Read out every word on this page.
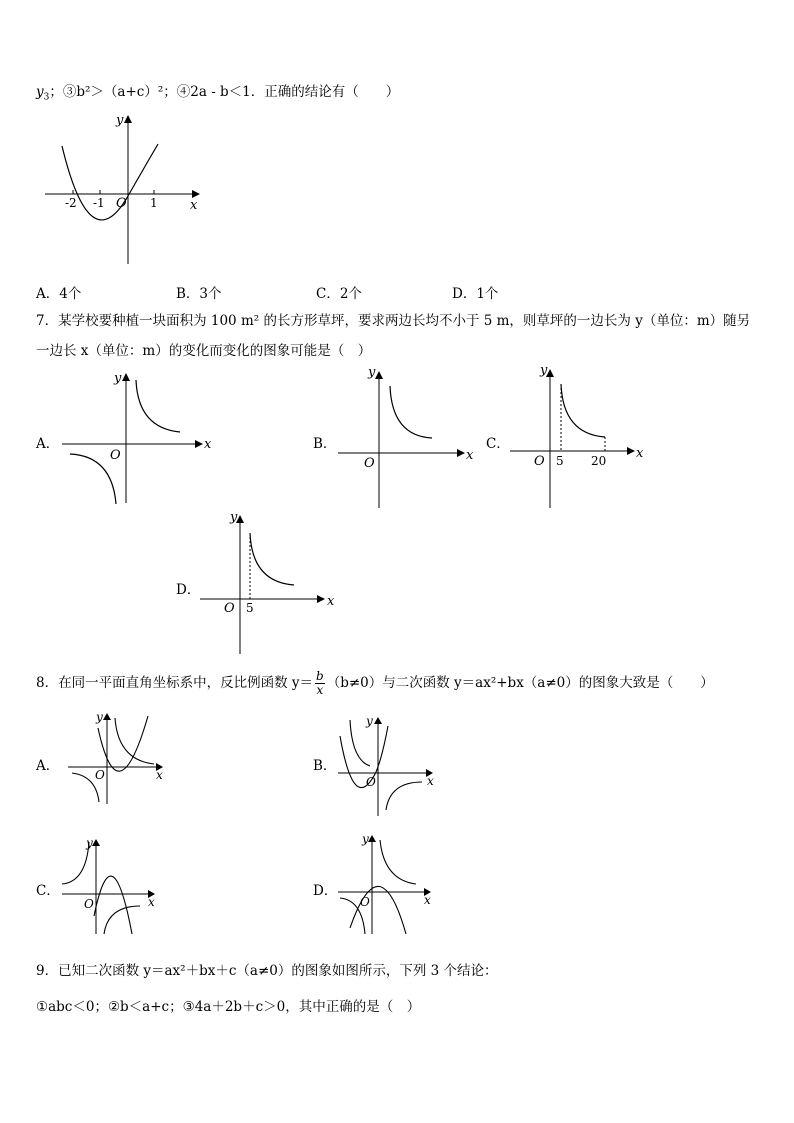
$y_3$；③b²＞（a+c）²；④2a - b＜1．正确的结论有（　　）
y
x
O
-2 -1	1
A．4个	B．3个	C．2个	D．1个
7．某学校要种植一块面积为 100 m² 的长方形草坪，要求两边长均不小于 5 m，则草坪的一边长为 y（单位：m）随另
一边长 x（单位：m）的变化而变化的图象可能是（　）
A．
y
x
O
B．
y
x
O
C．
y
x
O 5 20
D．
y
x
O 5
8．在同一平面直角坐标系中，反比例函数 $y= \frac{b}{x} (b\ne 0)$与二次函数 y＝ax²+bx（a≠0）的图象大致是（　　）
A．
y
x
O
B．
y
x
O
C．
y
x
O
D．
y
x
O
9．已知二次函数 y＝ax²＋bx＋c（a≠0）的图象如图所示，下列 3 个结论：
①abc＜0；②b＜a+c；③4a＋2b＋c＞0，其中正确的是（　）
